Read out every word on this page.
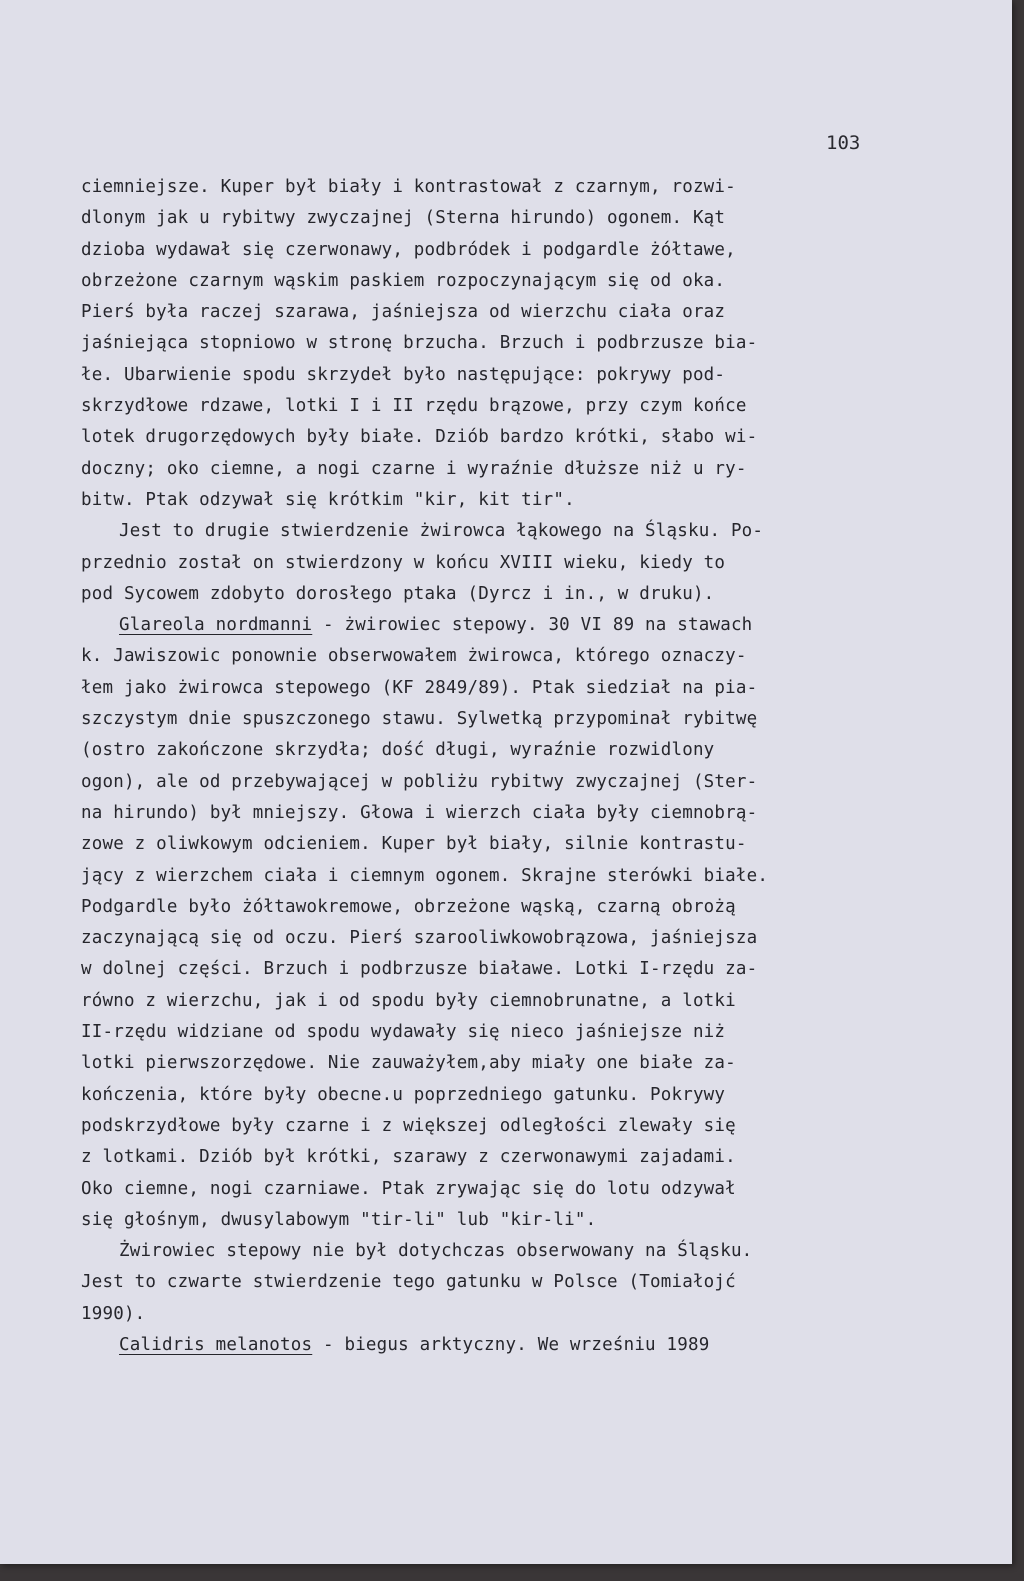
103
ciemniejsze. Kuper był biały i kontrastował z czarnym, rozwi-
dlonym jak u rybitwy zwyczajnej (Sterna hirundo) ogonem. Kąt
dzioba wydawał się czerwonawy, podbródek i podgardle żółtawe,
obrzeżone czarnym wąskim paskiem rozpoczynającym się od oka.
Pierś była raczej szarawa, jaśniejsza od wierzchu ciała oraz
jaśniejąca stopniowo w stronę brzucha. Brzuch i podbrzusze bia-
łe. Ubarwienie spodu skrzydeł było następujące: pokrywy pod-
skrzydłowe rdzawe, lotki I i II rzędu brązowe, przy czym końce
lotek drugorzędowych były białe. Dziób bardzo krótki, słabo wi-
doczny; oko ciemne, a nogi czarne i wyraźnie dłuższe niż u ry-
bitw. Ptak odzywał się krótkim "kir, kit tir".
Jest to drugie stwierdzenie żwirowca łąkowego na Śląsku. Po-
przednio został on stwierdzony w końcu XVIII wieku, kiedy to
pod Sycowem zdobyto dorosłego ptaka (Dyrcz i in., w druku).
Glareola nordmanni - żwirowiec stepowy. 30 VI 89 na stawach
k. Jawiszowic ponownie obserwowałem żwirowca, którego oznaczy-
łem jako żwirowca stepowego (KF 2849/89). Ptak siedział na pia-
szczystym dnie spuszczonego stawu. Sylwetką przypominał rybitwę
(ostro zakończone skrzydła; dość długi, wyraźnie rozwidlony
ogon), ale od przebywającej w pobliżu rybitwy zwyczajnej (Ster-
na hirundo) był mniejszy. Głowa i wierzch ciała były ciemnobrą-
zowe z oliwkowym odcieniem. Kuper był biały, silnie kontrastu-
jący z wierzchem ciała i ciemnym ogonem. Skrajne sterówki białe.
Podgardle było żółtawokremowe, obrzeżone wąską, czarną obrożą
zaczynającą się od oczu. Pierś szarooliwkowobrązowa, jaśniejsza
w dolnej części. Brzuch i podbrzusze białawe. Lotki I-rzędu za-
równo z wierzchu, jak i od spodu były ciemnobrunatne, a lotki
II-rzędu widziane od spodu wydawały się nieco jaśniejsze niż
lotki pierwszorzędowe. Nie zauważyłem,aby miały one białe za-
kończenia, które były obecne.u poprzedniego gatunku. Pokrywy
podskrzydłowe były czarne i z większej odległości zlewały się
z lotkami. Dziób był krótki, szarawy z czerwonawymi zajadami.
Oko ciemne, nogi czarniawe. Ptak zrywając się do lotu odzywał
się głośnym, dwusylabowym "tir-li" lub "kir-li".
Żwirowiec stepowy nie był dotychczas obserwowany na Śląsku.
Jest to czwarte stwierdzenie tego gatunku w Polsce (Tomiałojć
1990).
Calidris melanotos - biegus arktyczny. We wrześniu 1989
